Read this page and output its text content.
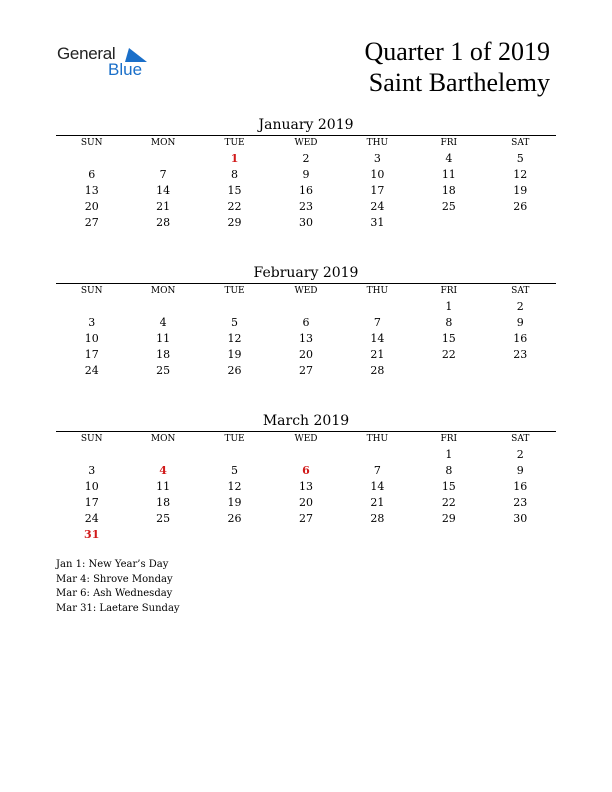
General
Blue
Quarter 1 of 2019
Saint Barthelemy
January 2019
SUN	MON	TUE	WED	THU	FRI	SAT
		1	2	3	4	5
6	7	8	9	10	11	12
13	14	15	16	17	18	19
20	21	22	23	24	25	26
27	28	29	30	31		
February 2019
SUN	MON	TUE	WED	THU	FRI	SAT
					1	2
3	4	5	6	7	8	9
10	11	12	13	14	15	16
17	18	19	20	21	22	23
24	25	26	27	28		
March 2019
SUN	MON	TUE	WED	THU	FRI	SAT
					1	2
3	4	5	6	7	8	9
10	11	12	13	14	15	16
17	18	19	20	21	22	23
24	25	26	27	28	29	30
31						
Jan 1: New Year’s Day
Mar 4: Shrove Monday
Mar 6: Ash Wednesday
Mar 31: Laetare Sunday
